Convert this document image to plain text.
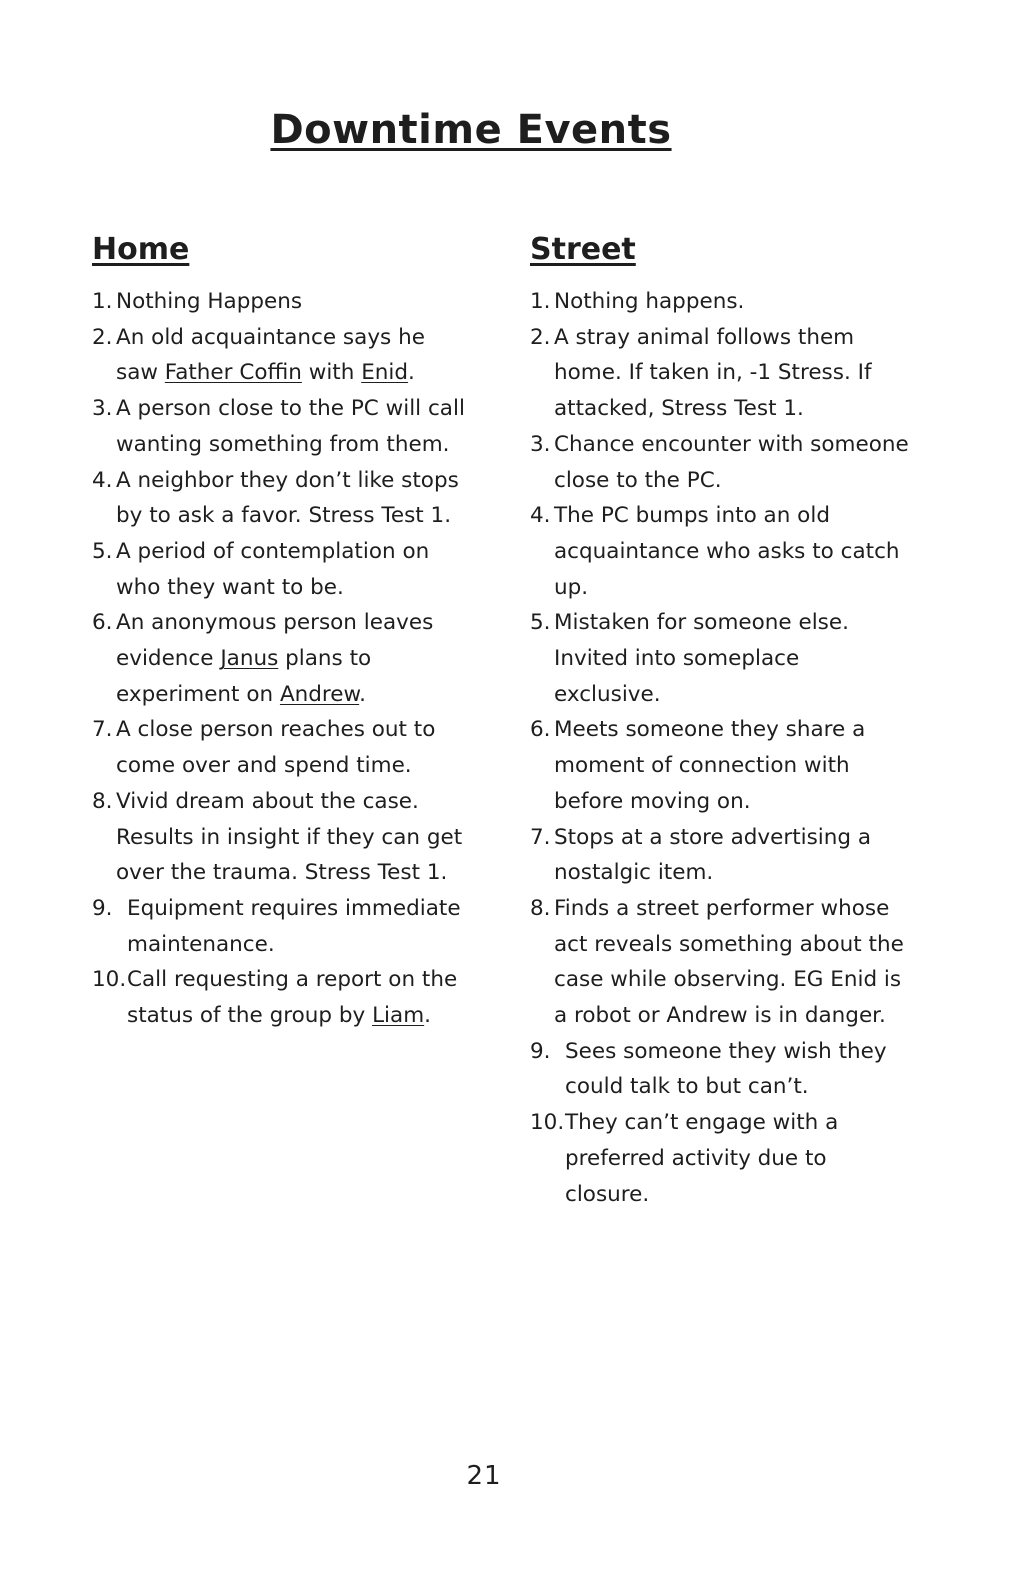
Downtime Events
Home
1. Nothing Happens
2. An old acquaintance says he saw Father Coffin with Enid.
3. A person close to the PC will call wanting something from them.
4. A neighbor they don’t like stops by to ask a favor. Stress Test 1.
5. A period of contemplation on who they want to be.
6. An anonymous person leaves evidence Janus plans to experiment on Andrew.
7. A close person reaches out to come over and spend time.
8. Vivid dream about the case. Results in insight if they can get over the trauma. Stress Test 1.
9. Equipment requires immediate maintenance.
10. Call requesting a report on the status of the group by Liam.
Street
1. Nothing happens.
2. A stray animal follows them home. If taken in, -1 Stress. If attacked, Stress Test 1.
3. Chance encounter with someone close to the PC.
4. The PC bumps into an old acquaintance who asks to catch up.
5. Mistaken for someone else. Invited into someplace exclusive.
6. Meets someone they share a moment of connection with before moving on.
7. Stops at a store advertising a nostalgic item.
8. Finds a street performer whose act reveals something about the case while observing. EG Enid is a robot or Andrew is in danger.
9. Sees someone they wish they could talk to but can’t.
10. They can’t engage with a preferred activity due to closure.
21
